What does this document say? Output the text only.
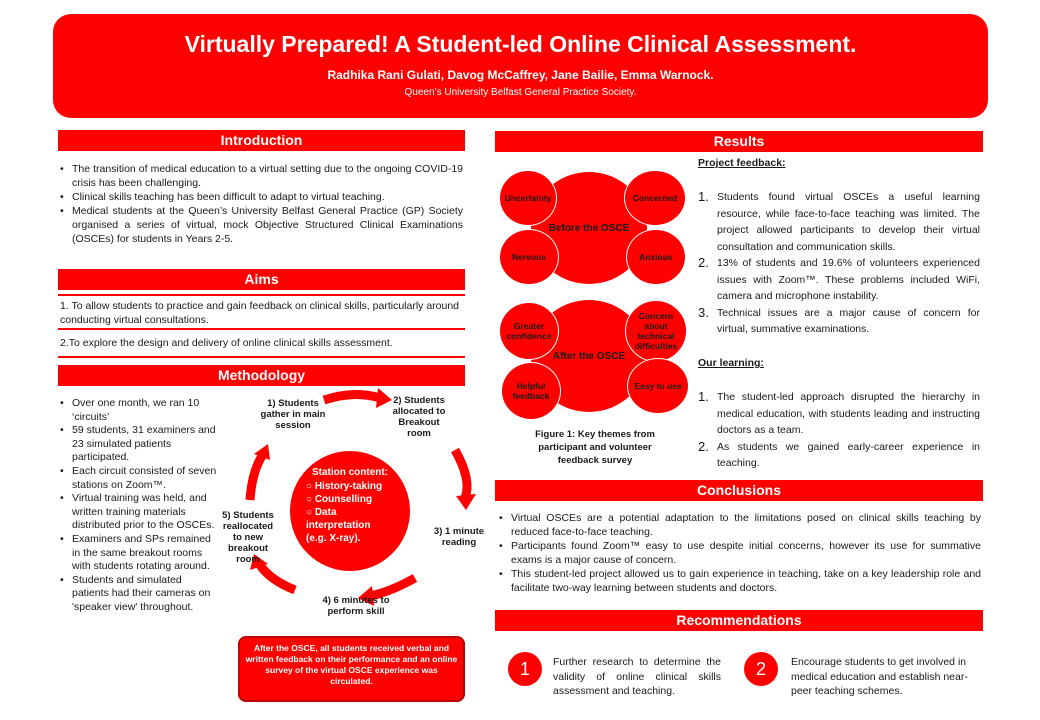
Virtually Prepared! A Student-led Online Clinical Assessment.
Radhika Rani Gulati, Davog McCaffrey, Jane Bailie, Emma Warnock.
Queen’s University Belfast General Practice Society.
Introduction
• The transition of medical education to a virtual setting due to the ongoing COVID-19 crisis has been challenging.
• Clinical skills teaching has been difficult to adapt to virtual teaching.
• Medical students at the Queen’s University Belfast General Practice (GP) Society organised a series of virtual, mock Objective Structured Clinical Examinations (OSCEs) for students in Years 2-5.
Aims
1. To allow students to practice and gain feedback on clinical skills, particularly around conducting virtual consultations.
2.To explore the design and delivery of online clinical skills assessment.
Methodology
• Over one month, we ran 10 ‘circuits’
• 59 students, 31 examiners and 23 simulated patients participated.
• Each circuit consisted of seven stations on Zoom™.
• Virtual training was held, and written training materials distributed prior to the OSCEs.
• Examiners and SPs remained in the same breakout rooms with students rotating around.
• Students and simulated patients had their cameras on 'speaker view' throughout.
1) Students gather in main session
2) Students allocated to Breakout room
3) 1 minute reading
4) 6 minutes to perform skill
5) Students reallocated to new breakout room
Station content:
○ History-taking
○ Counselling
○ Data interpretation (e.g. X-ray).
After the OSCE, all students received verbal and written feedback on their performance and an online survey of the virtual OSCE experience was circulated.
Results
Before the OSCE
Uncertainty	Concerned
Nervous	Anxious
After the OSCE
Greater confidence
Concern about technical difficulties
Helpful feedback
Easy to use
Figure 1: Key themes from participant and volunteer feedback survey
Project feedback:
1. Students found virtual OSCEs a useful learning resource, while face-to-face teaching was limited. The project allowed participants to develop their virtual consultation and communication skills.
2. 13% of students and 19.6% of volunteers experienced issues with Zoom™. These problems included WiFi, camera and microphone instability.
3. Technical issues are a major cause of concern for virtual, summative examinations.
Our learning:
1. The student-led approach disrupted the hierarchy in medical education, with students leading and instructing doctors as a team.
2. As students we gained early-career experience in teaching.
Conclusions
• Virtual OSCEs are a potential adaptation to the limitations posed on clinical skills teaching by reduced face-to-face teaching.
• Participants found Zoom™ easy to use despite initial concerns, however its use for summative exams is a major cause of concern.
• This student-led project allowed us to gain experience in teaching, take on a key leadership role and facilitate two-way learning between students and doctors.
Recommendations
1	Further research to determine the validity of online clinical skills assessment and teaching.
2	Encourage students to get involved in medical education and establish near-peer teaching schemes.
